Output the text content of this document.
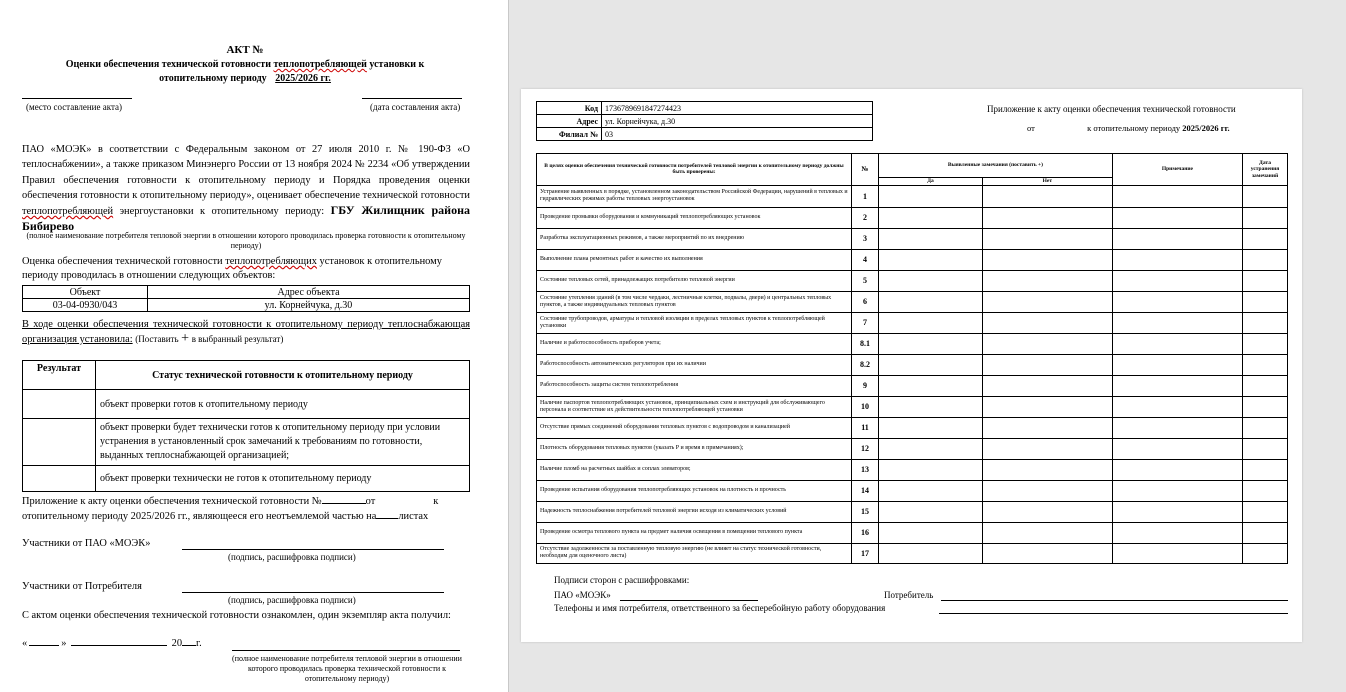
АКТ №
Оценки обеспечения технической готовности теплопотребляющей установки к
отопительному периоду 2025/2026 гг.
(место составление акта)	(дата составления акта)
ПАО «МОЭК» в соответствии с Федеральным законом от 27 июля 2010 г. № 190-ФЗ «О теплоснабжении», а также приказом Минэнерго России от 13 ноября 2024 № 2234 «Об утверждении Правил обеспечения готовности к отопительному периоду и Порядка проведения оценки обеспечения готовности к отопительному периоду», оценивает обеспечение технической готовности теплопотребляющей энергоустановки к отопительному периоду: ГБУ Жилищник района Бибирево
(полное наименование потребителя тепловой энергии в отношении которого проводилась проверка готовности к отопительному периоду)
Оценка обеспечения технической готовности теплопотребляющих установок к отопительному периоду проводилась в отношении следующих объектов:
Объект	Адрес объекта
03-04-0930/043	ул. Корнейчука, д.30
В ходе оценки обеспечения технической готовности к отопительному периоду теплоснабжающая организация установила: (Поставить + в выбранный результат)
Результат	Статус технической готовности к отопительному периоду
	объект проверки готов к отопительному периоду
	объект проверки будет технически готов к отопительному периоду при условии устранения в установленный срок замечаний к требованиям по готовности, выданных теплоснабжающей организацией;
	объект проверки технически не готов к отопительному периоду
Приложение к акту оценки обеспечения технической готовности №	от	к
отопительному периоду 2025/2026 гг., являющееся его неотъемлемой частью на листах
Участники от ПАО «МОЭК»
(подпись, расшифровка подписи)
Участники от Потребителя
(подпись, расшифровка подписи)
С актом оценки обеспечения технической готовности ознакомлен, один экземпляр акта получил:
«	»	20 г.
(полное наименование потребителя тепловой энергии в отношении которого проводилась проверка технической готовности к отопительному периоду)
Код	1736789691847274423
Адрес	ул. Корнейчука, д.30
Филиал №	03
Приложение к акту оценки обеспечения технической готовности
от	к отопительному периоду 2025/2026 гг.
В целях оценки обеспечения технической готовности потребителей тепловой энергии к отопительному периоду должны быть проверены:	№	Выявленные замечания (поставить +)		Примечание	Дата устранения замечаний
		Да	Нет		
Устранение выявленных в порядке, установленном законодательством Российской Федерации, нарушений в тепловых и гидравлических режимах работы тепловых энергоустановок	1				
Проведение промывки оборудования и коммуникаций теплопотребляющих установок	2				
Разработка эксплуатационных режимов, а также мероприятий по их внедрению	3				
Выполнение плана ремонтных работ и качество их выполнения	4				
Состояние тепловых сетей, принадлежащих потребителю тепловой энергии	5				
Состояние утепления зданий (в том числе чердаки, лестничные клетки, подвалы, двери) и центральных тепловых пунктов, а также индивидуальных тепловых пунктов	6				
Состояние трубопроводов, арматуры и тепловой изоляции в пределах тепловых пунктов к теплопотребляющей установки	7				
Наличие и работоспособность приборов учета;	8.1				
Работоспособность автоматических регуляторов при их наличии	8.2				
Работоспособность защиты систем теплопотребления	9				
Наличие паспортов теплопотребляющих установок, принципиальных схем и инструкций для обслуживающего персонала и соответствие их действительности теплопотребляющей установки	10				
Отсутствие прямых соединений оборудования тепловых пунктов с водопроводом и канализацией	11				
Плотность оборудования тепловых пунктов (указать Р и время в примечаниях);	12				
Наличие пломб на расчетных шайбах и соплах элеваторов;	13				
Проведение испытания оборудования теплопотребляющих установок на плотность и прочность	14				
Надежность теплоснабжения потребителей тепловой энергии исходя из климатических условий	15				
Проведение осмотра теплового пункта на предмет наличия освещения в помещении теплового пункта	16				
Отсутствие задолженности за поставленную тепловую энергию (не влияет на статус технической готовности, необходим для оценочного листа)	17				
Подписи сторон с расшифровками:
ПАО «МОЭК»	Потребитель
Телефоны и имя потребителя, ответственного за бесперебойную работу оборудования
